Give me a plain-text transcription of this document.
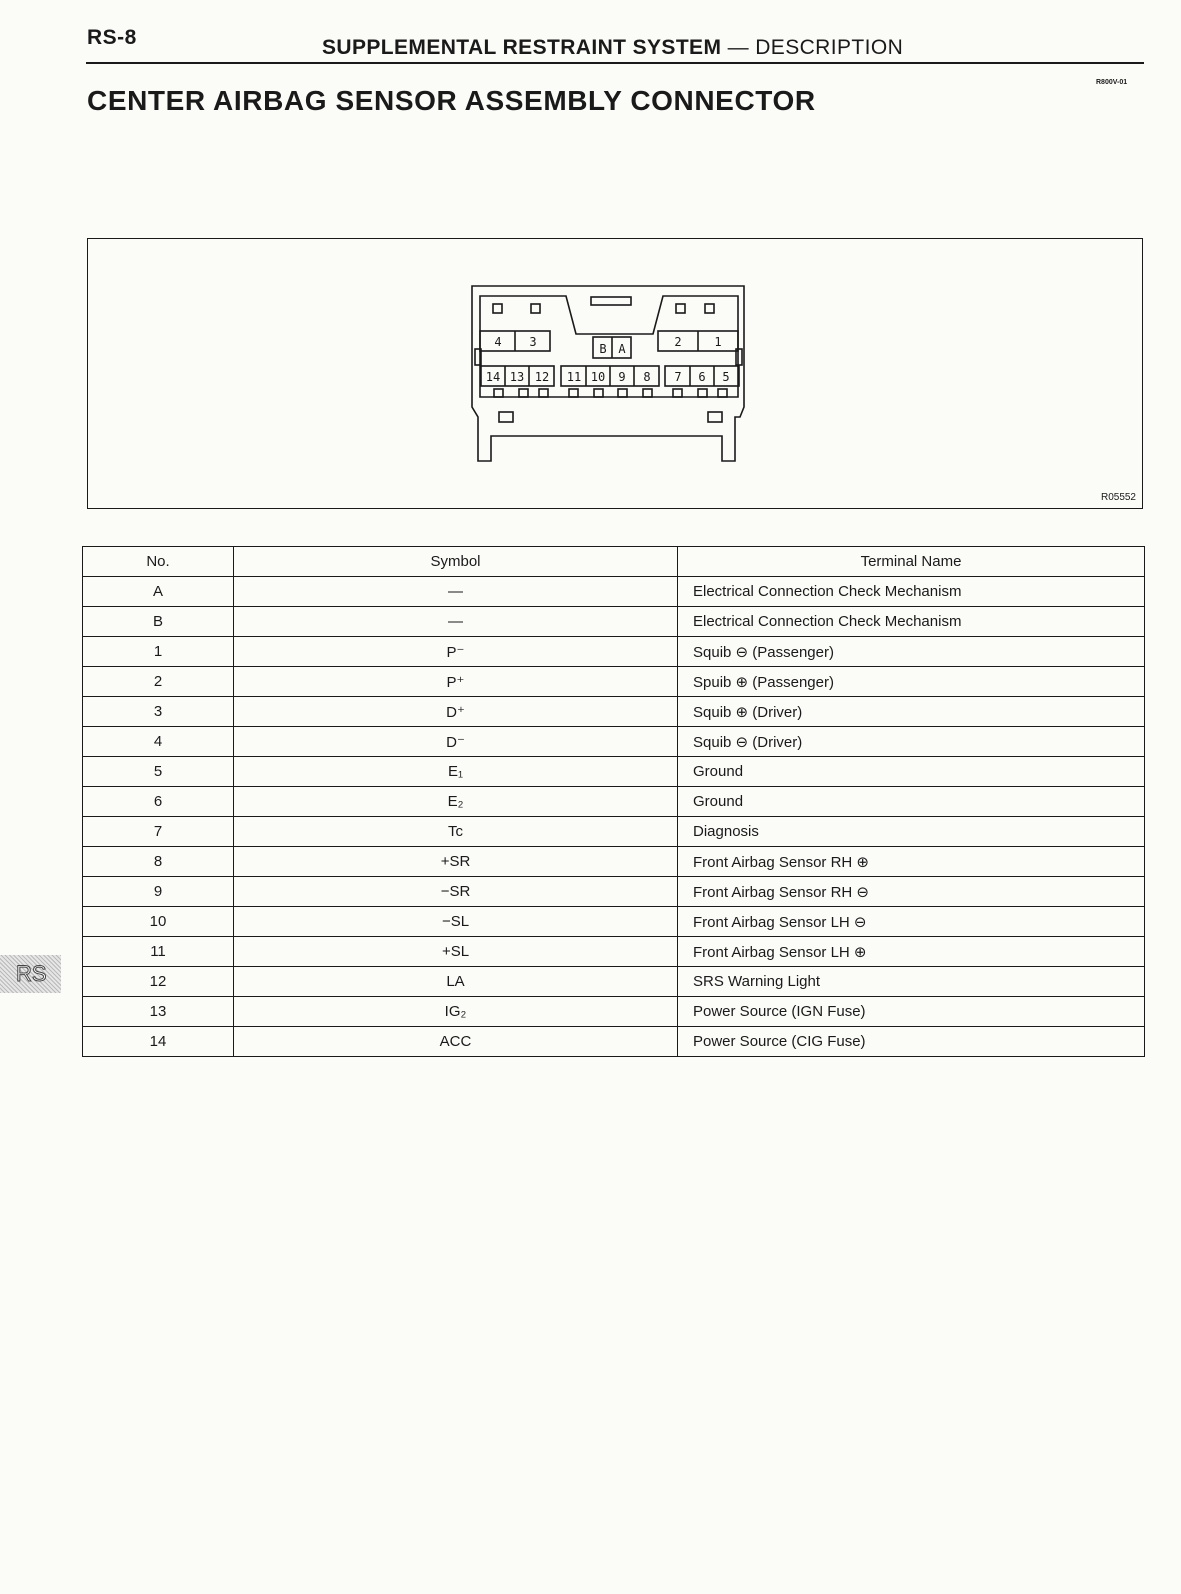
RS-8	SUPPLEMENTAL RESTRAINT SYSTEM — DESCRIPTION
R800V-01
CENTER AIRBAG SENSOR ASSEMBLY CONNECTOR
4 3	B A	2	1
14 13 12 11 10 9 8 7 6 5
R05552
No.	Symbol	Terminal Name
A	—	Electrical Connection Check Mechanism
B	—	Electrical Connection Check Mechanism
1	P⁻	Squib ⊖ (Passenger)
2	P⁺	Spuib ⊕ (Passenger)
3	D⁺	Squib ⊕ (Driver)
4	D⁻	Squib ⊖ (Driver)
5	E₁	Ground
6	E₂	Ground
7	Tc	Diagnosis
8	+SR	Front Airbag Sensor RH ⊕
9	−SR	Front Airbag Sensor RH ⊖
10	−SL	Front Airbag Sensor LH ⊖
11	+SL	Front Airbag Sensor LH ⊕
12	LA	SRS Warning Light
13	IG₂	Power Source (IGN Fuse)
14	ACC	Power Source (CIG Fuse)
RS
